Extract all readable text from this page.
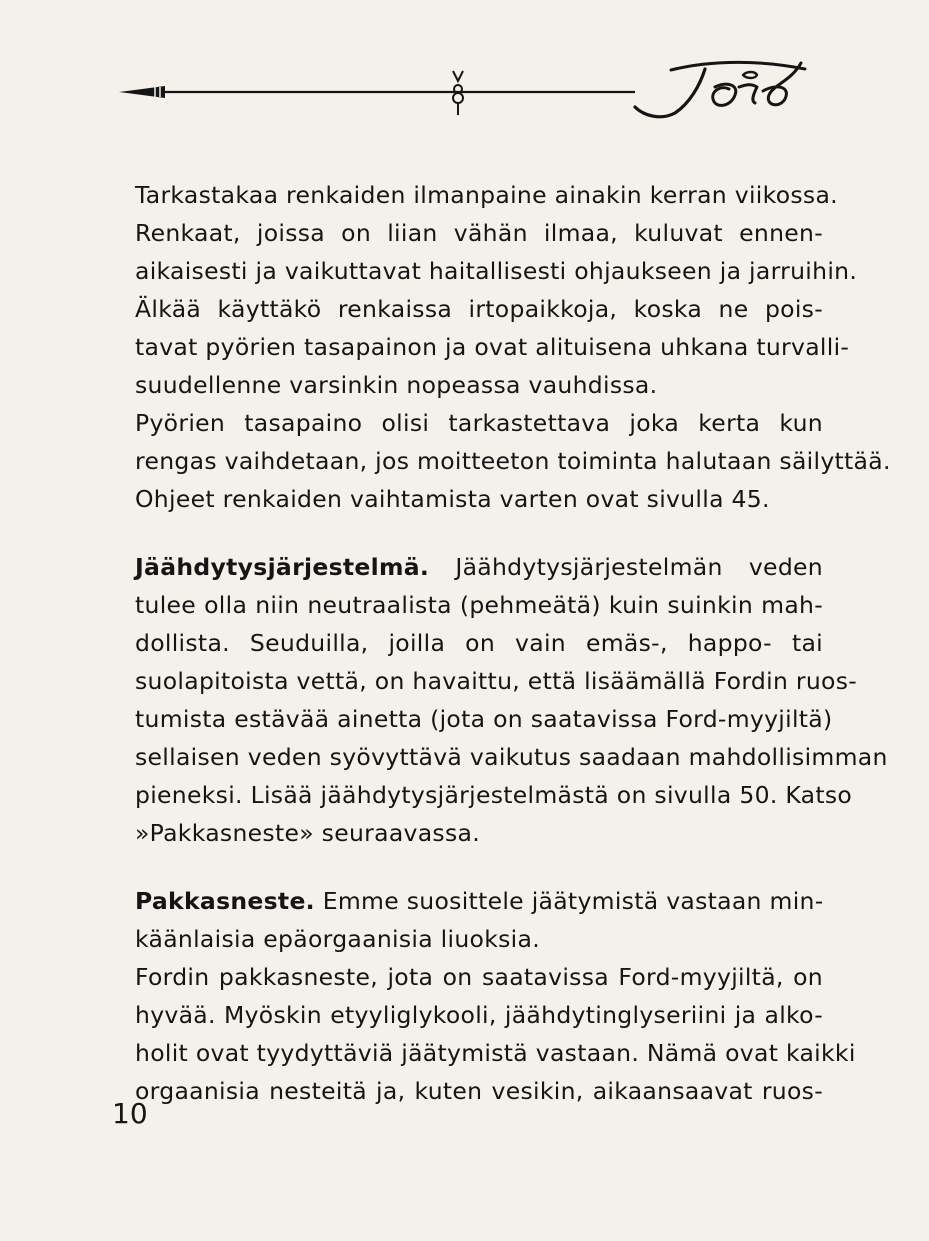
Tarkastakaa renkaiden ilmanpaine ainakin kerran viikossa.
Renkaat, joissa on liian vähän ilmaa, kuluvat ennen-
aikaisesti ja vaikuttavat haitallisesti ohjaukseen ja jarruihin.
Älkää käyttäkö renkaissa irtopaikkoja, koska ne pois-
tavat pyörien tasapainon ja ovat alituisena uhkana turvalli-
suudellenne varsinkin nopeassa vauhdissa.
Pyörien tasapaino olisi tarkastettava joka kerta kun
rengas vaihdetaan, jos moitteeton toiminta halutaan säilyttää.
Ohjeet renkaiden vaihtamista varten ovat sivulla 45.

Jäähdytysjärjestelmä. Jäähdytysjärjestelmän veden
tulee olla niin neutraalista (pehmeätä) kuin suinkin mah-
dollista. Seuduilla, joilla on vain emäs-, happo- tai
suolapitoista vettä, on havaittu, että lisäämällä Fordin ruos-
tumista estävää ainetta (jota on saatavissa Ford-myyjiltä)
sellaisen veden syövyttävä vaikutus saadaan mahdollisimman
pieneksi. Lisää jäähdytysjärjestelmästä on sivulla 50. Katso
»Pakkasneste» seuraavassa.

Pakkasneste. Emme suosittele jäätymistä vastaan min-
käänlaisia epäorgaanisia liuoksia.
Fordin pakkasneste, jota on saatavissa Ford-myyjiltä, on
hyvää. Myöskin etyyliglykooli, jäähdytinglyseriini ja alko-
holit ovat tyydyttäviä jäätymistä vastaan. Nämä ovat kaikki
orgaanisia nesteitä ja, kuten vesikin, aikaansaavat ruos-

10
